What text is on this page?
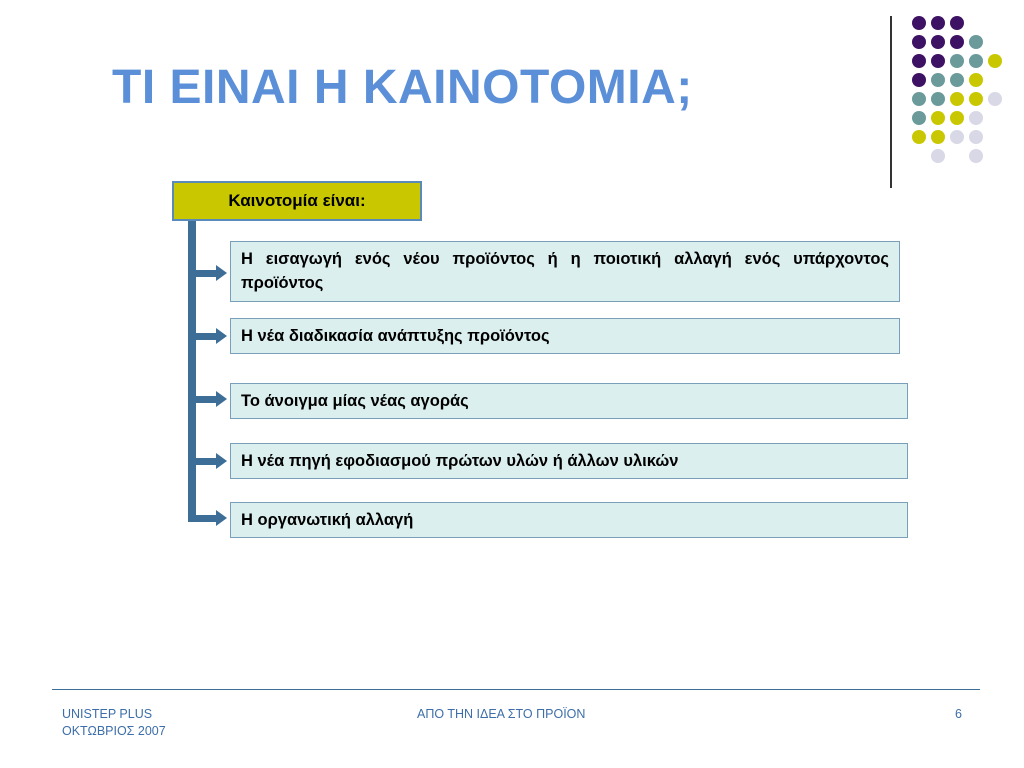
ΤΙ ΕΙΝΑΙ Η ΚΑΙΝΟΤΟΜΙΑ;
Καινοτομία είναι:
Η εισαγωγή ενός νέου προϊόντος ή η ποιοτική αλλαγή ενός υπάρχοντος προϊόντος
Η νέα διαδικασία ανάπτυξης προϊόντος
Το άνοιγμα μίας νέας αγοράς
Η νέα πηγή εφοδιασμού πρώτων υλών ή άλλων υλικών
Η οργανωτική αλλαγή
UNISTEP PLUS
ΟΚΤΩΒΡΙΟΣ 2007
ΑΠΟ ΤΗΝ ΙΔΕΑ ΣΤΟ ΠΡΟΪΟΝ	6
